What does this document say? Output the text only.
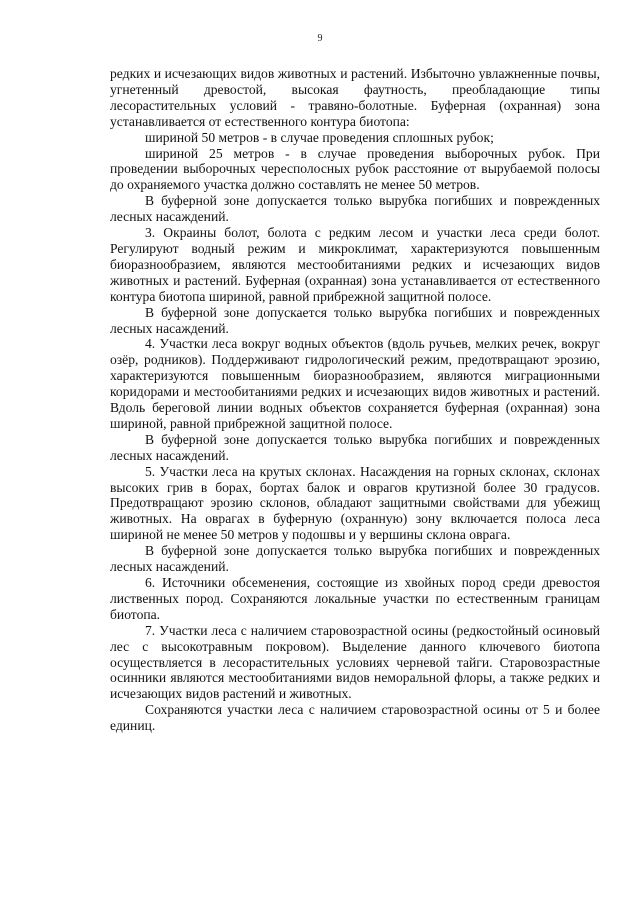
9

редких и исчезающих видов животных и растений. Избыточно увлажненные почвы, угнетенный древостой, высокая фаутность, преобладающие типы лесорастительных условий - травяно-болотные. Буферная (охранная) зона устанавливается от естественного контура биотопа:

шириной 50 метров - в случае проведения сплошных рубок;

шириной 25 метров - в случае проведения выборочных рубок. При проведении выборочных чересполосных рубок расстояние от вырубаемой полосы до охраняемого участка должно составлять не менее 50 метров.

В буферной зоне допускается только вырубка погибших и поврежденных лесных насаждений.

3. Окраины болот, болота с редким лесом и участки леса среди болот. Регулируют водный режим и микроклимат, характеризуются повышенным биоразнообразием, являются местообитаниями редких и исчезающих видов животных и растений. Буферная (охранная) зона устанавливается от естественного контура биотопа шириной, равной прибрежной защитной полосе.

В буферной зоне допускается только вырубка погибших и поврежденных лесных насаждений.

4. Участки леса вокруг водных объектов (вдоль ручьев, мелких речек, вокруг озёр, родников). Поддерживают гидрологический режим, предотвращают эрозию, характеризуются повышенным биоразнообразием, являются миграционными коридорами и местообитаниями редких и исчезающих видов животных и растений. Вдоль береговой линии водных объектов сохраняется буферная (охранная) зона шириной, равной прибрежной защитной полосе.

В буферной зоне допускается только вырубка погибших и поврежденных лесных насаждений.

5. Участки леса на крутых склонах. Насаждения на горных склонах, склонах высоких грив в борах, бортах балок и оврагов крутизной более 30 градусов. Предотвращают эрозию склонов, обладают защитными свойствами для убежищ животных. На оврагах в буферную (охранную) зону включается полоса леса шириной не менее 50 метров у подошвы и у вершины склона оврага.

В буферной зоне допускается только вырубка погибших и поврежденных лесных насаждений.

6. Источники обсеменения, состоящие из хвойных пород среди древостоя лиственных пород. Сохраняются локальные участки по естественным границам биотопа.

7. Участки леса с наличием старовозрастной осины (редкостойный осиновый лес с высокотравным покровом). Выделение данного ключевого биотопа осуществляется в лесорастительных условиях черневой тайги. Старовозрастные осинники являются местообитаниями видов неморальной флоры, а также редких и исчезающих видов растений и животных.

Сохраняются участки леса с наличием старовозрастной осины от 5 и более единиц.
